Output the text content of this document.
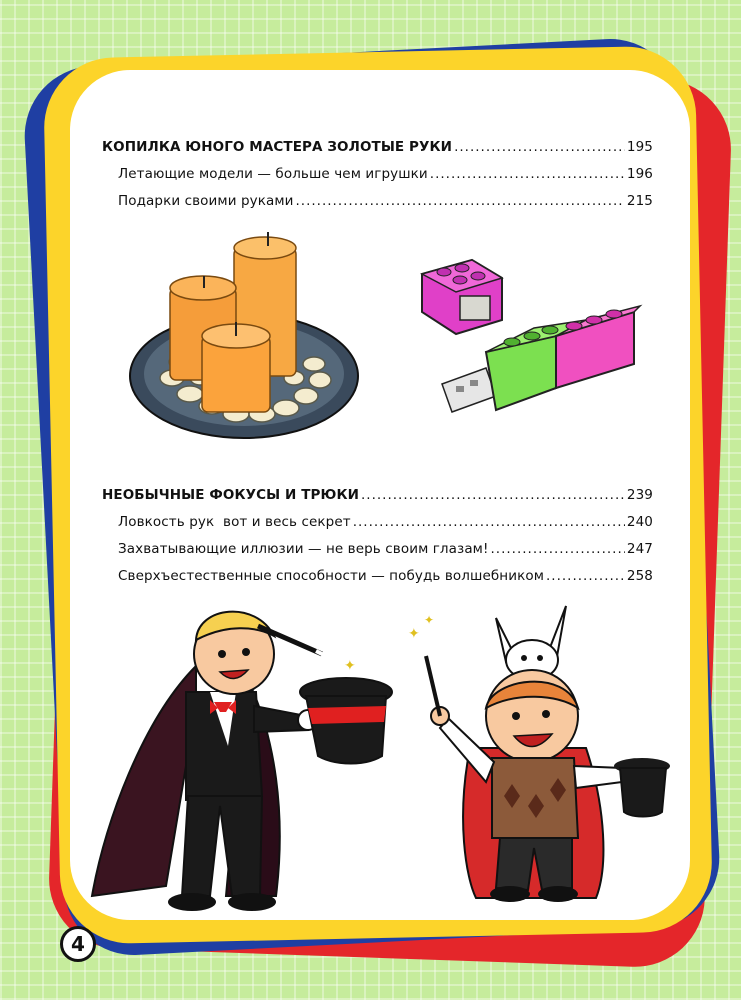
КОПИЛКА ЮНОГО МАСТЕРА ЗОЛОТЫЕ РУКИ .....	195
Летающие модели — больше чем игрушки .....	196
Подарки своими руками .....	215
НЕОБЫЧНЫЕ ФОКУСЫ И ТРЮКИ .....	239
Ловкость рук  вот и весь секрет .....	240
Захватывающие иллюзии — не верь своим глазам! .....	247
Сверхъестественные способности — побудь волшебником .....	258
✦
✦
✦
4
